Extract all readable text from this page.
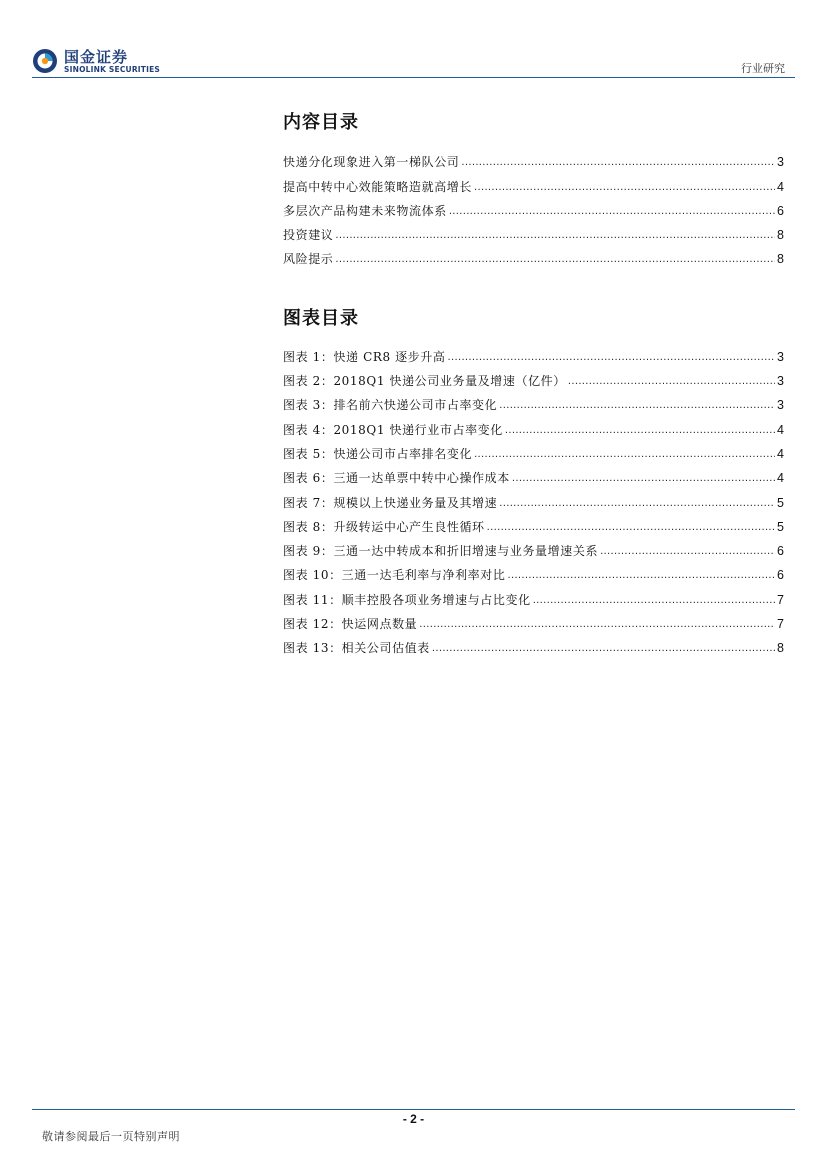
国金证券
SINOLINK SECURITIES	行业研究
内容目录
快递分化现象进入第一梯队公司 .....	3
提高中转中心效能策略造就高增长 .....	4
多层次产品构建未来物流体系 .....	6
投资建议 .....	8
风险提示 .....	8
图表目录
图表 1：快递 CR8 逐步升高 .....	3
图表 2：2018Q1 快递公司业务量及增速（亿件） .....	3
图表 3：排名前六快递公司市占率变化 .....	3
图表 4：2018Q1 快递行业市占率变化 .....	4
图表 5：快递公司市占率排名变化 .....	4
图表 6：三通一达单票中转中心操作成本 .....	4
图表 7：规模以上快递业务量及其增速 .....	5
图表 8：升级转运中心产生良性循环 .....	5
图表 9：三通一达中转成本和折旧增速与业务量增速关系 .....	6
图表 10：三通一达毛利率与净利率对比 .....	6
图表 11：顺丰控股各项业务增速与占比变化 .....	7
图表 12：快运网点数量 .....	7
图表 13：相关公司估值表 .....	8
- 2 -
敬请参阅最后一页特别声明
